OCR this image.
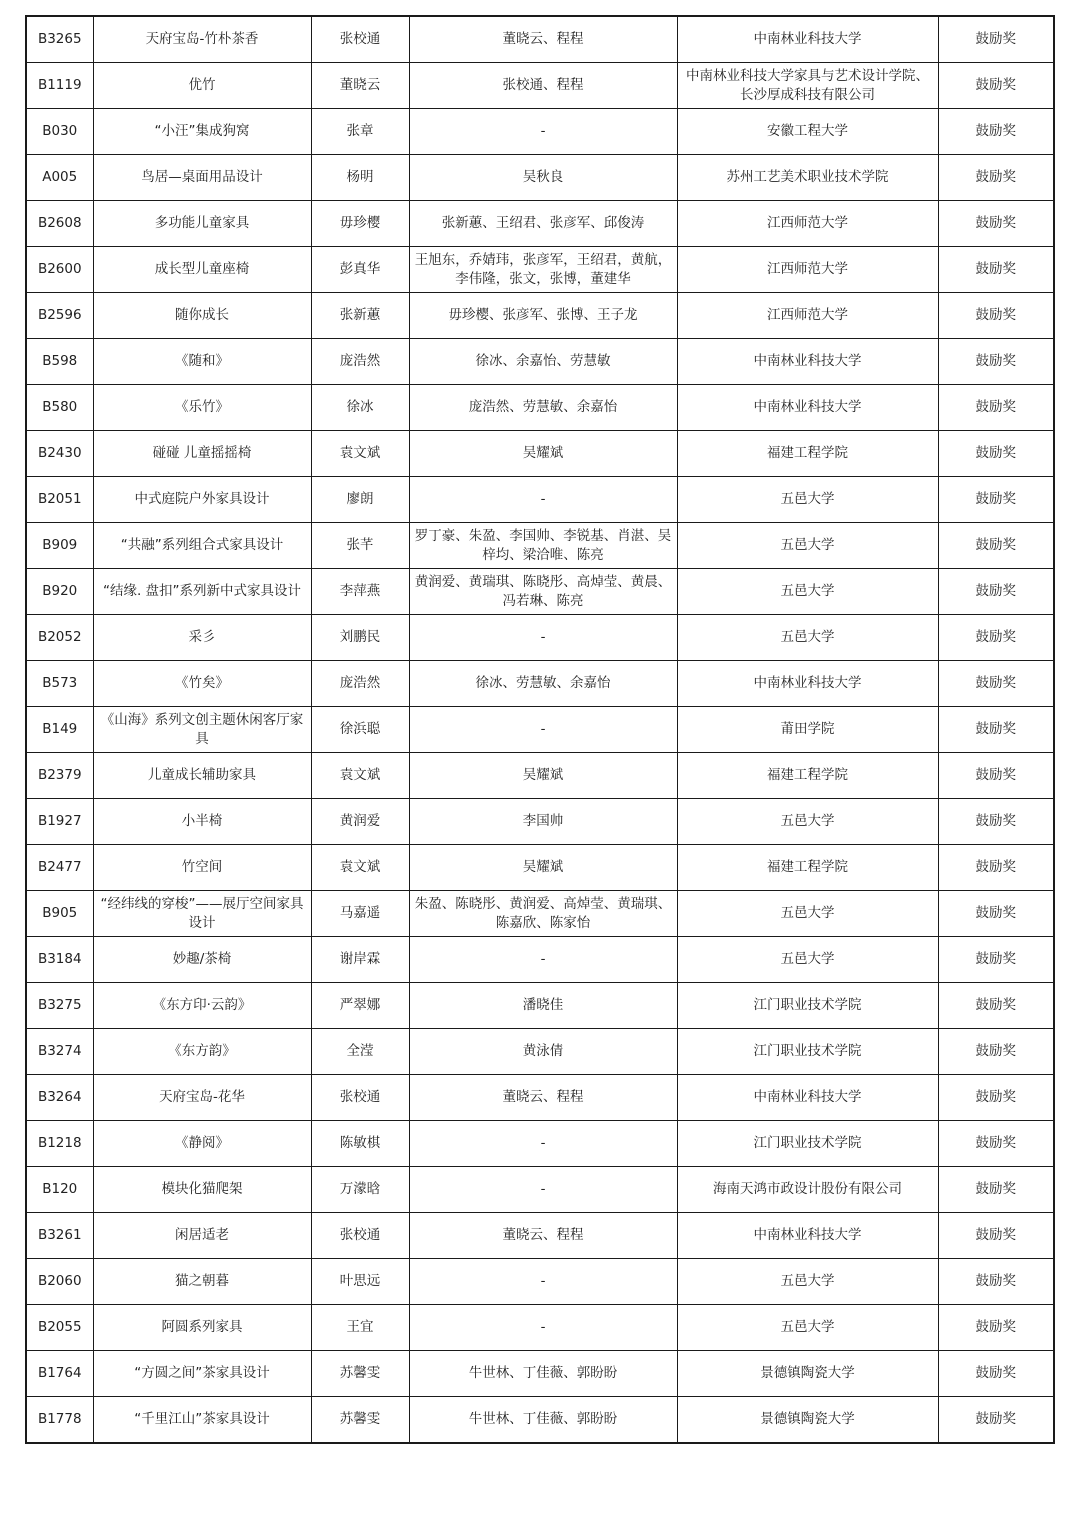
B3265	天府宝岛-竹朴茶香	张校通	董晓云、程程	中南林业科技大学	鼓励奖
B1119	优竹	董晓云	张校通、程程	中南林业科技大学家具与艺术设计学院、长沙厚成科技有限公司	鼓励奖
B030	“小汪”集成狗窝	张章	-	安徽工程大学	鼓励奖
A005	鸟居—桌面用品设计	杨明	吴秋良	苏州工艺美术职业技术学院	鼓励奖
B2608	多功能儿童家具	毋珍樱	张新蕙、王绍君、张彦军、邱俊涛	江西师范大学	鼓励奖
B2600	成长型儿童座椅	彭真华	王旭东，乔婧玮，张彦军，王绍君，黄航，李伟隆，张文，张博，董建华	江西师范大学	鼓励奖
B2596	随你成长	张新蕙	毋珍樱、张彦军、张博、王子龙	江西师范大学	鼓励奖
B598	《随和》	庞浩然	徐冰、余嘉怡、劳慧敏	中南林业科技大学	鼓励奖
B580	《乐竹》	徐冰	庞浩然、劳慧敏、余嘉怡	中南林业科技大学	鼓励奖
B2430	碰碰 儿童摇摇椅	袁文斌	吴耀斌	福建工程学院	鼓励奖
B2051	中式庭院户外家具设计	廖朗	-	五邑大学	鼓励奖
B909	“共融”系列组合式家具设计	张芊	罗丁豪、朱盈、李国帅、李锐基、肖湛、吴梓均、梁洽唯、陈亮	五邑大学	鼓励奖
B920	“结缘. 盘扣”系列新中式家具设计	李萍燕	黄润爱、黄瑞琪、陈晓彤、高焯莹、黄晨、冯若琳、陈亮	五邑大学	鼓励奖
B2052	采彡	刘鹏民	-	五邑大学	鼓励奖
B573	《竹矣》	庞浩然	徐冰、劳慧敏、余嘉怡	中南林业科技大学	鼓励奖
B149	《山海》系列文创主题休闲客厅家具	徐浜聪	-	莆田学院	鼓励奖
B2379	儿童成长辅助家具	袁文斌	吴耀斌	福建工程学院	鼓励奖
B1927	小半椅	黄润爱	李国帅	五邑大学	鼓励奖
B2477	竹空间	袁文斌	吴耀斌	福建工程学院	鼓励奖
B905	“经纬线的穿梭”——展厅空间家具设计	马嘉遥	朱盈、陈晓彤、黄润爱、高焯莹、黄瑞琪、陈嘉欣、陈家怡	五邑大学	鼓励奖
B3184	妙趣/茶椅	谢岸霖	-	五邑大学	鼓励奖
B3275	《东方印·云韵》	严翠娜	潘晓佳	江门职业技术学院	鼓励奖
B3274	《东方韵》	全滢	黄泳倩	江门职业技术学院	鼓励奖
B3264	天府宝岛-花华	张校通	董晓云、程程	中南林业科技大学	鼓励奖
B1218	《静阅》	陈敏棋	-	江门职业技术学院	鼓励奖
B120	模块化猫爬架	万濛晗	-	海南天鸿市政设计股份有限公司	鼓励奖
B3261	闲居适老	张校通	董晓云、程程	中南林业科技大学	鼓励奖
B2060	猫之朝暮	叶思远	-	五邑大学	鼓励奖
B2055	阿圆系列家具	王宜	-	五邑大学	鼓励奖
B1764	“方圆之间”茶家具设计	苏馨雯	牛世林、丁佳薇、郭盼盼	景德镇陶瓷大学	鼓励奖
B1778	“千里江山”茶家具设计	苏馨雯	牛世林、丁佳薇、郭盼盼	景德镇陶瓷大学	鼓励奖
